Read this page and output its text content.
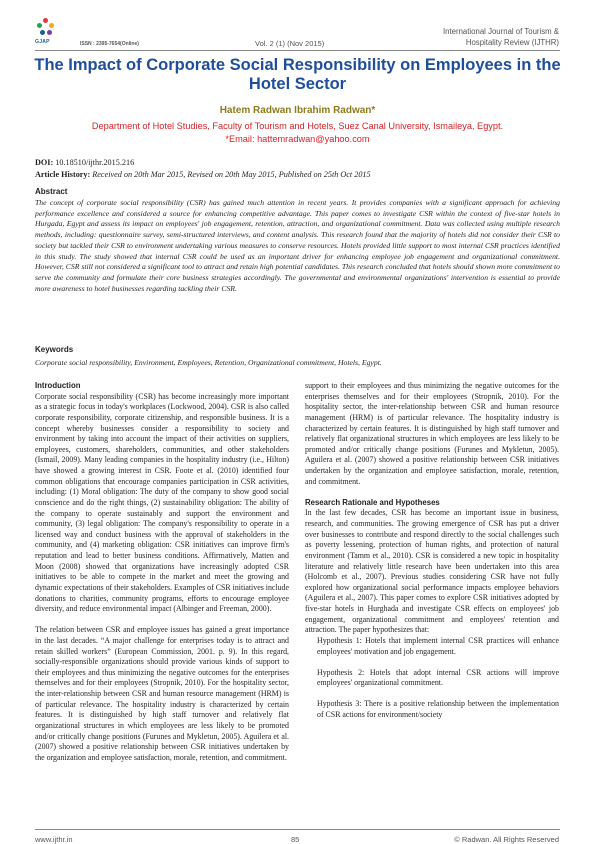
GJAP	ISSN : 2395-7654(Online)	Vol. 2 (1) (Nov 2015)
International Journal of Tourism &
Hospitality Review (IJTHR)
The Impact of Corporate Social Responsibility on Employees in the Hotel Sector
Hatem Radwan Ibrahim Radwan*
Department of Hotel Studies, Faculty of Tourism and Hotels, Suez Canal University, Ismaileya, Egypt.
*Email: hattemradwan@yahoo.com
DOI: 10.18510/ijthr.2015.216
Article History: Received on 20th Mar 2015, Revised on 20th May 2015, Published on 25th Oct 2015
Abstract
The concept of corporate social responsibility (CSR) has gained much attention in recent years. It provides companies with a significant approach for achieving performance excellence and considered a source for enhancing competitive advantage. This paper comes to investigate CSR within the context of five-star hotels in Hurgada, Egypt and assess its impact on employees' job engagement, retention, attraction, and organizational commitment. Data was collected using multiple research methods, including: questionnaire survey, semi-structured interviews, and content analysis. This research found that the majority of hotels did not consider their CSR to society but tackled their CSR to environment undertaking various measures to conserve resources. Hotels provided little support to most internal CSR practices identified in this study. The study showed that internal CSR could be used as an important driver for enhancing employee job engagement and organizational commitment. However, CSR still not considered a significant tool to attract and retain high potential candidates. This research concluded that hotels should shown more commitment to serve the community and formulate their core business strategies accordingly. The governmental and environmental organizations' intervention is essential to provide more awareness to hotel businesses regarding tackling their CSR.
Keywords
Corporate social responsibility, Environment, Employees, Retention, Organizational commitment, Hotels, Egypt.

Introduction

Corporate social responsibility (CSR) has become increasingly more important as a strategic focus in today's workplaces (Lockwood, 2004). CSR is also called corporate responsibility, corporate citizenship, and responsible business. It is a concept whereby businesses consider a responsibility to society and environment by taking into account the impact of their activities on suppliers, employees, customers, shareholders, communities, and other stakeholders (Ismail, 2009). Many leading companies in the hospitality industry (i.e., Hilton) have showed a growing interest in CSR. Foote et al. (2010) identified four common obligations that encourage companies participation in CSR activities, including: (1) Moral obligation: The duty of the company to show good social conscience and do the right things, (2) sustainability obligation: The ability of the company to operate sustainably and support the environment and community, (3) legal obligation: The company's responsibility to operate in a licensed way and conduct business with the approval of stakeholders in the community, and (4) marketing obligation: CSR initiatives can improve firm's reputation and lead to better business conditions. Affirmatively, Matten and Moon (2008) showed that organizations have increasingly adopted CSR initiatives to be able to compete in the market and meet the growing and dynamic expectations of their stakeholders. Examples of CSR initiatives include donations to charities, community programs, efforts to encourage employee diversity, and reduce environmental impact (Albinger and Freeman, 2000).

The relation between CSR and employee issues has gained a great importance in the last decades. “A major challenge for enterprises today is to attract and retain skilled workers” (European Commission, 2001. p. 9). In this regard, socially-responsible organizations should provide various kinds of support to their employees and thus minimizing the negative outcomes for the enterprises themselves and for their employees (Stropnik, 2010). For the hospitality sector, the inter-relationship between CSR and human resource management (HRM) is of particular relevance. The hospitality industry is characterized by certain features. It is distinguished by high staff turnover and relatively flat organizational structures in which employees are less likely to be promoted and/or critically change positions (Furunes and Mykletun, 2005). Aguilera et al. (2007) showed a positive relationship between CSR initiatives undertaken by the organization and employee satisfaction, morale, retention, and commitment.

support to their employees and thus minimizing the negative outcomes for the enterprises themselves and for their employees (Stropnik, 2010). For the hospitality sector, the inter-relationship between CSR and human resource management (HRM) is of particular relevance. The hospitality industry is characterized by certain features. It is distinguished by high staff turnover and relatively flat organizational structures in which employees are less likely to be promoted and/or critically change positions (Furunes and Mykletun, 2005). Aguilera et al. (2007) showed a positive relationship between CSR initiatives undertaken by the organization and employee satisfaction, morale, retention, and commitment.

Research Rationale and Hypotheses

In the last few decades, CSR has become an important issue in business, research, and communities. The growing emergence of CSR has put a driver over businesses to contribute and respond directly to the social challenges such as poverty lessening, protection of human rights, and protection of natural environment (Tamm et al., 2010). CSR is considered a new topic in hospitality literature and relatively little research have been undertaken into this area (Holcomb et al., 2007). Previous studies considering CSR have not fully explored how organizational social performance impacts employee behaviors (Aguilera et al., 2007). This paper comes to explore CSR initiatives adopted by five-star hotels in Hurghada and investigate CSR effects on employees' job engagement, organizational commitment and employees' retention and attraction. The paper hypothesizes that:

Hypothesis 1: Hotels that implement internal CSR practices will enhance employees' motivation and job engagement.

Hypothesis 2: Hotels that adopt internal CSR actions will improve employees' organizational commitment.

Hypothesis 3: There is a positive relationship between the implementation of CSR actions for environment/society

www.ijthr.in	85	© Radwan. All Rights Reserved
